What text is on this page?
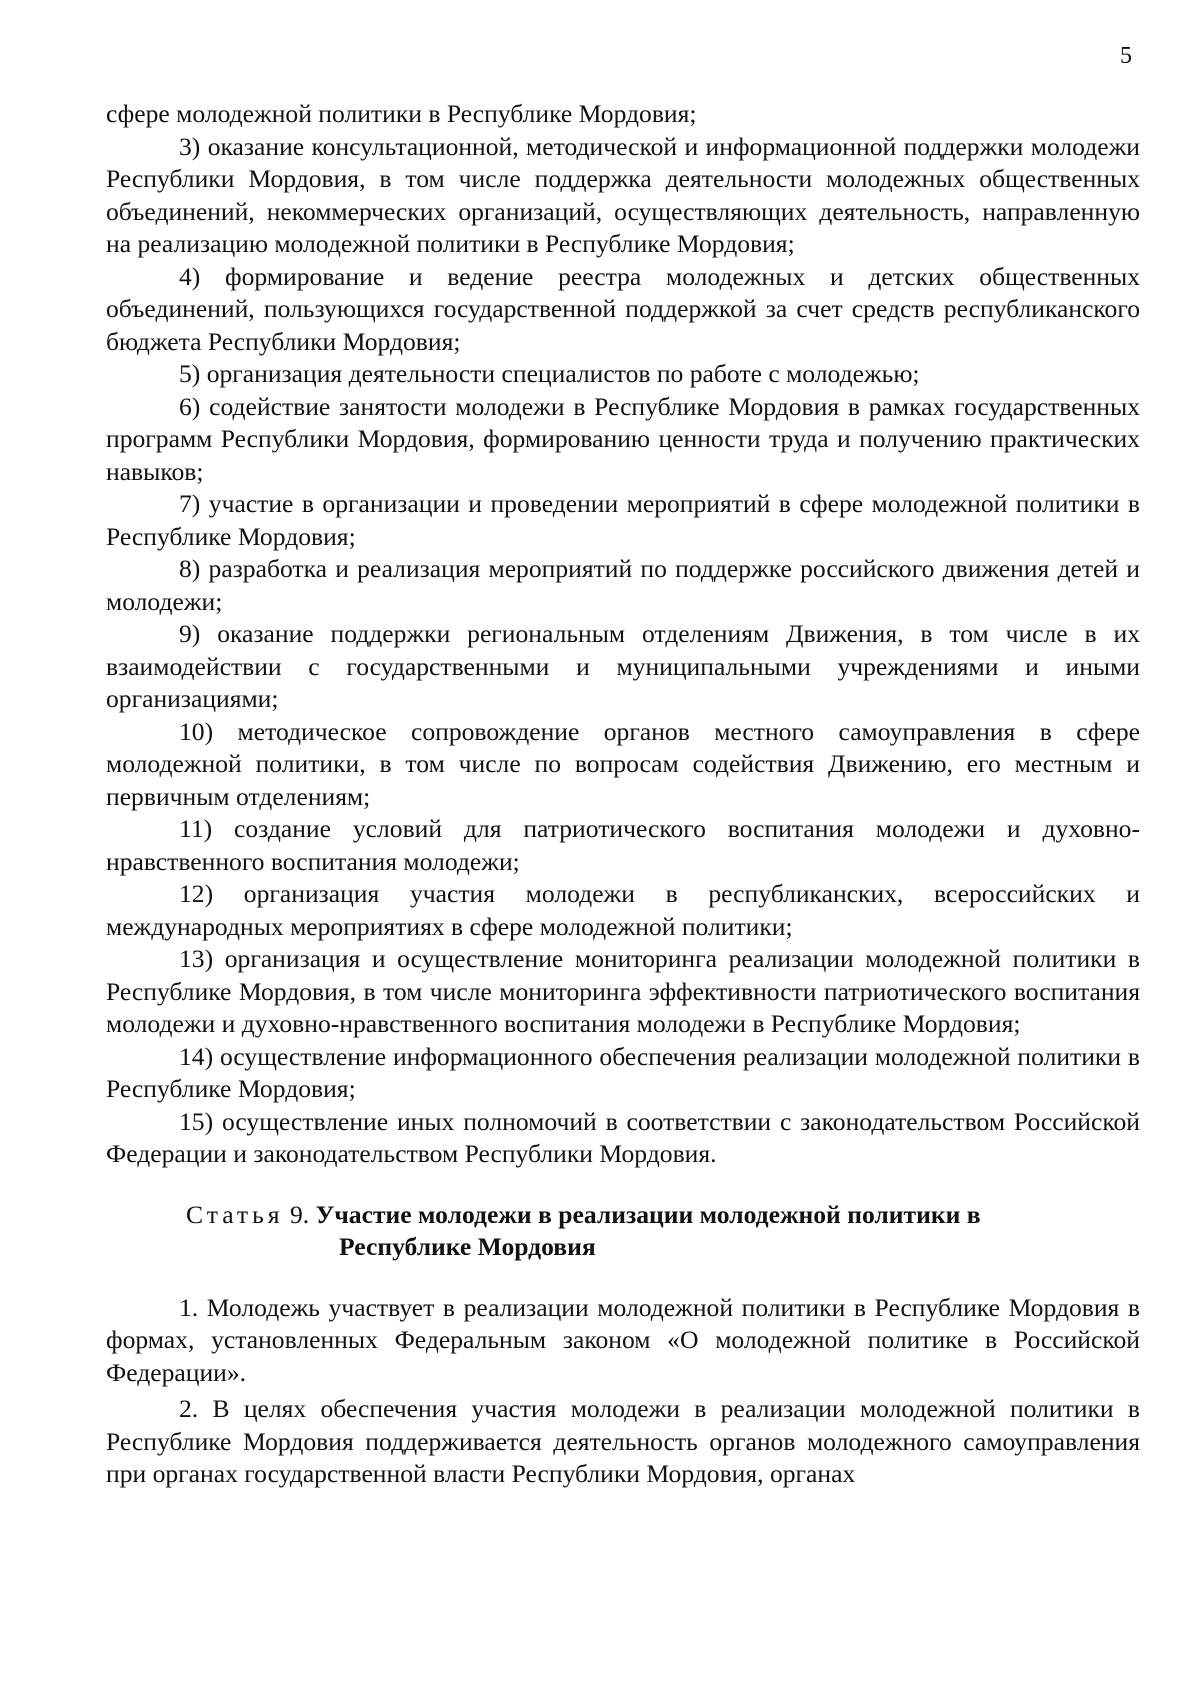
5

сфере молодежной политики в Республике Мордовия;

3) оказание консультационной, методической и информационной поддержки молодежи Республики Мордовия, в том числе поддержка деятельности молодежных общественных объединений, некоммерческих организаций, осуществляющих деятельность, направленную на реализацию молодежной политики в Республике Мордовия;

4) формирование и ведение реестра молодежных и детских общественных объединений, пользующихся государственной поддержкой за счет средств республиканского бюджета Республики Мордовия;

5) организация деятельности специалистов по работе с молодежью;

6) содействие занятости молодежи в Республике Мордовия в рамках государственных программ Республики Мордовия, формированию ценности труда и получению практических навыков;

7) участие в организации и проведении мероприятий в сфере молодежной политики в Республике Мордовия;

8) разработка и реализация мероприятий по поддержке российского движения детей и молодежи;

9) оказание поддержки региональным отделениям Движения, в том числе в их взаимодействии с государственными и муниципальными учреждениями и иными организациями;

10) методическое сопровождение органов местного самоуправления в сфере молодежной политики, в том числе по вопросам содействия Движению, его местным и первичным отделениям;

11) создание условий для патриотического воспитания молодежи и духовно-нравственного воспитания молодежи;

12) организация участия молодежи в республиканских, всероссийских и международных мероприятиях в сфере молодежной политики;

13) организация и осуществление мониторинга реализации молодежной политики в Республике Мордовия, в том числе мониторинга эффективности патриотического воспитания молодежи и духовно-нравственного воспитания молодежи в Республике Мордовия;

14) осуществление информационного обеспечения реализации молодежной политики в Республике Мордовия;

15) осуществление иных полномочий в соответствии с законодательством Российской Федерации и законодательством Республики Мордовия.

Статья 9. Участие молодежи в реализации молодежной политики в
Республике Мордовия

1. Молодежь участвует в реализации молодежной политики в Республике Мордовия в формах, установленных Федеральным законом «О молодежной политике в Российской Федерации».

2. В целях обеспечения участия молодежи в реализации молодежной политики в Республике Мордовия поддерживается деятельность органов молодежного самоуправления при органах государственной власти Республики Мордовия, органах
